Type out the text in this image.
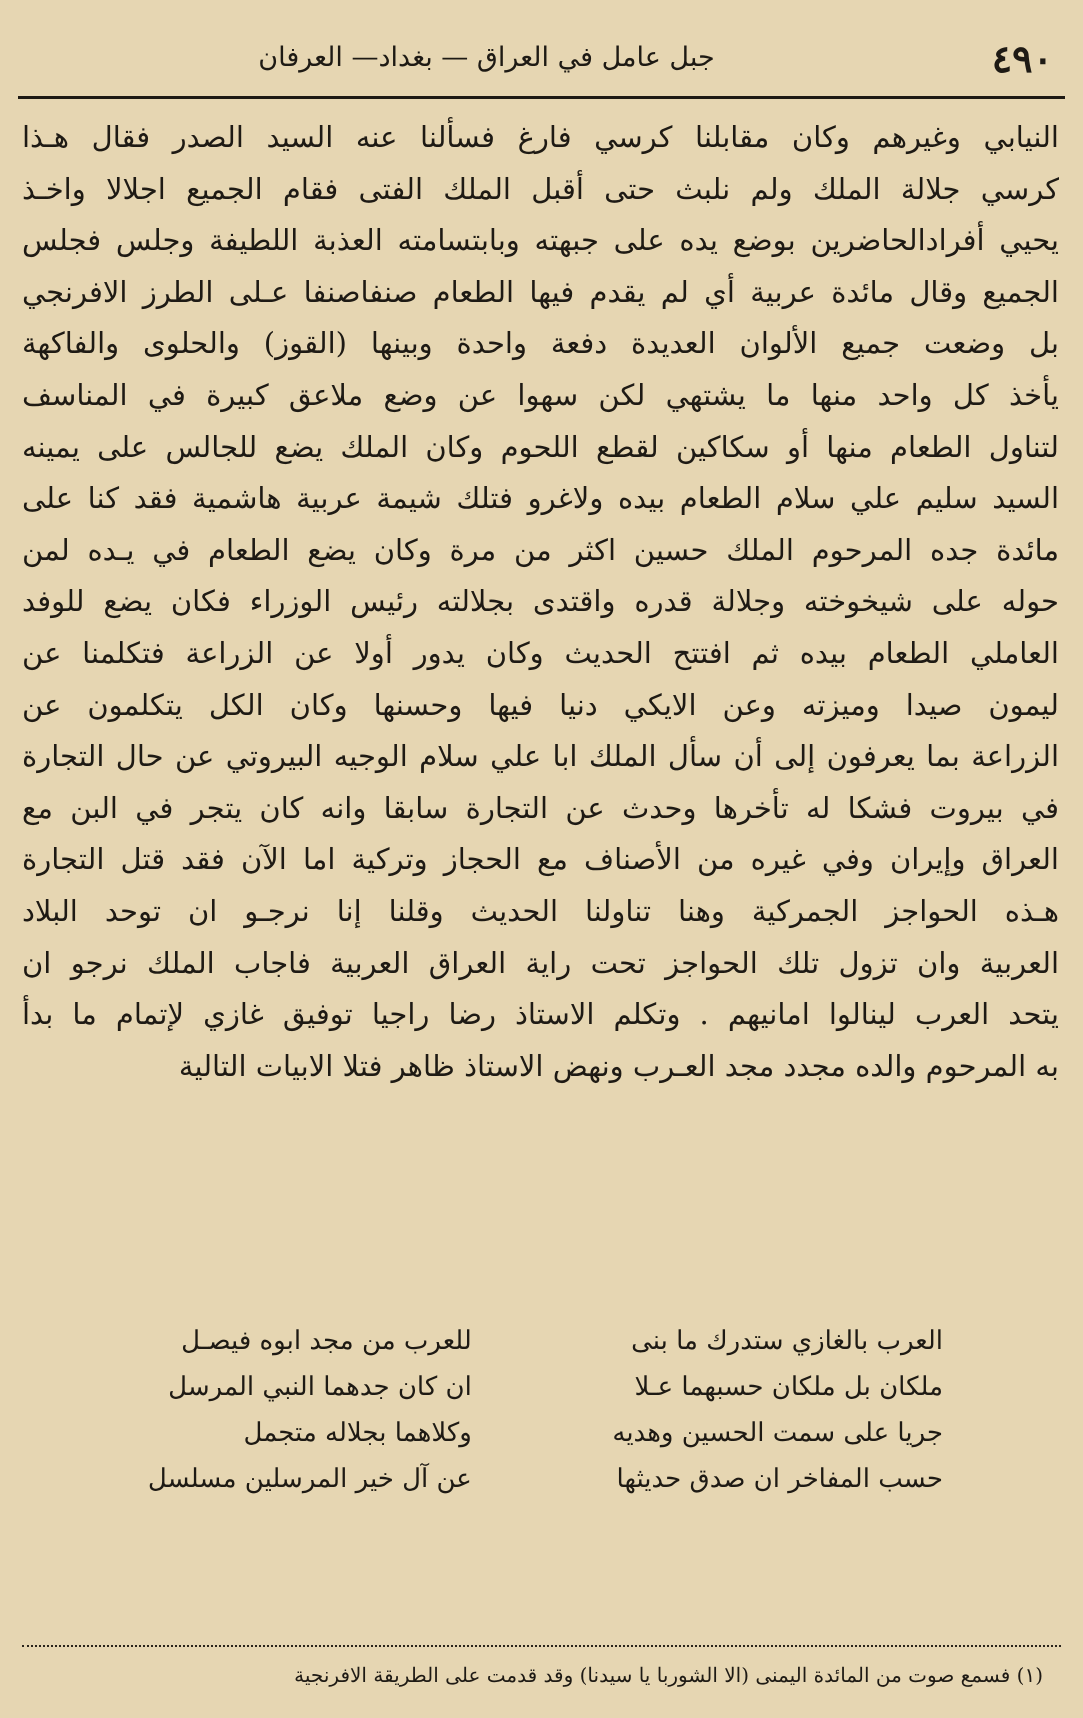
٤٩٠
جبل عامل في العراق — بغداد— العرفان
النيابي وغيرهم وكان مقابلنا كرسي فارغ فسألنا عنه السيد الصدر فقال هـذا
كرسي جلالة الملك ولم نلبث حتى أقبل الملك الفتى فقام الجميع اجلالا واخـذ
يحيي أفرادالحاضرين بوضع يده على جبهته وبابتسامته العذبة اللطيفة وجلس فجلس
الجميع وقال مائدة عربية أي لم يقدم فيها الطعام صنفاصنفا عـلى الطرز الافرنجي
بل وضعت جميع الألوان العديدة دفعة واحدة وبينها (القوز) والحلوى والفاكهة
يأخذ كل واحد منها ما يشتهي لكن سهوا عن وضع ملاعق كبيرة في المناسف
لتناول الطعام منها أو سكاكين لقطع اللحوم وكان الملك يضع للجالس على يمينه
السيد سليم علي سلام الطعام بيده ولاغرو فتلك شيمة عربية هاشمية فقد كنا على
مائدة جده المرحوم الملك حسين اكثر من مرة وكان يضع الطعام في يـده لمن
حوله على شيخوخته وجلالة قدره واقتدى بجلالته رئيس الوزراء فكان يضع للوفد
العاملي الطعام بيده ثم افتتح الحديث وكان يدور أولا عن الزراعة فتكلمنا عن
ليمون صيدا وميزته وعن الايكي دنيا فيها وحسنها وكان الكل يتكلمون عن
الزراعة بما يعرفون إلى أن سأل الملك ابا علي سلام الوجيه البيروتي عن حال التجارة
في بيروت فشكا له تأخرها وحدث عن التجارة سابقا وانه كان يتجر في البن مع
العراق وإيران وفي غيره من الأصناف مع الحجاز وتركية اما الآن فقد قتل التجارة
هـذه الحواجز الجمركية وهنا تناولنا الحديث وقلنا إنا نرجـو ان توحد البلاد
العربية وان تزول تلك الحواجز تحت راية العراق العربية فاجاب الملك نرجو ان
يتحد العرب لينالوا امانيهم . وتكلم الاستاذ رضا راجيا توفيق غازي لإتمام ما بدأ
به المرحوم والده مجدد مجد العـرب ونهض الاستاذ ظاهر فتلا الابيات التالية
العرب بالغازي ستدرك ما بنى
للعرب من مجد ابوه فيصـل
ملكان بل ملكان حسبهما عـلا
ان كان جدهما النبي المرسل
جريا على سمت الحسين وهديه
وكلاهما بجلاله متجمل
حسب المفاخر ان صدق حديثها
عن آل خير المرسلين مسلسل
(١) فسمع صوت من المائدة اليمنى (الا الشوربا يا سيدنا) وقد قدمت على الطريقة الافرنجية
